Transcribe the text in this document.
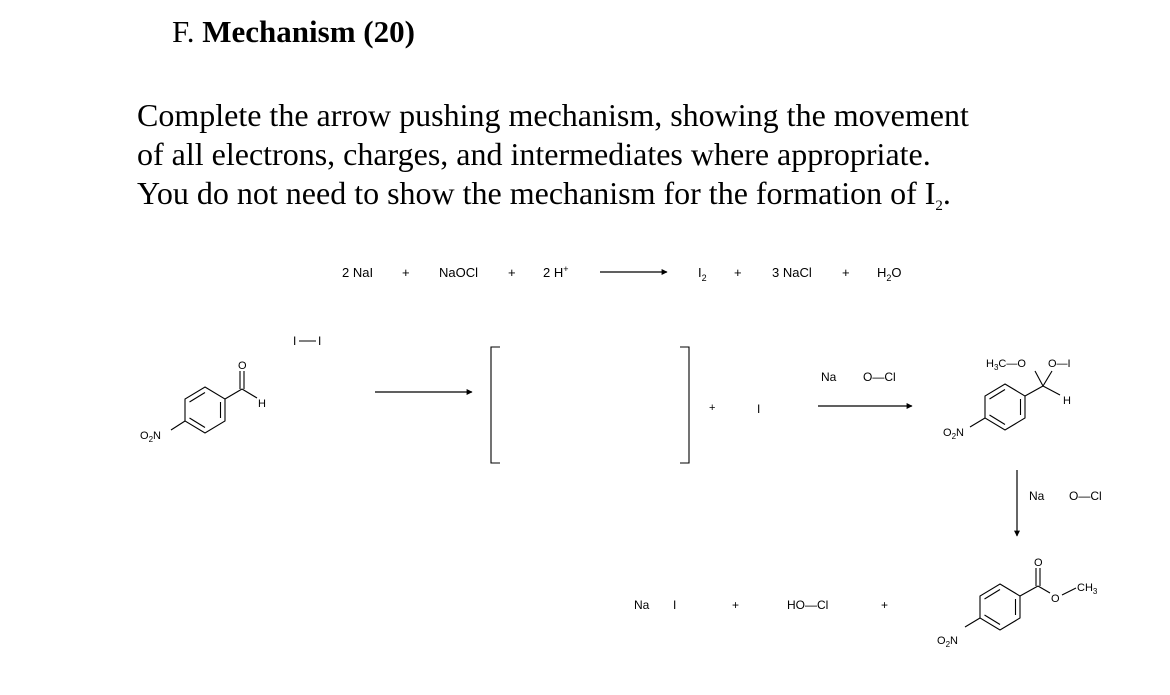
F. Mechanism (20)
Complete the arrow pushing mechanism, showing the movement
of all electrons, charges, and intermediates where appropriate.
You do not need to show the mechanism for the formation of $I_2$.
2 NaI + NaOCl + 2 H+	$I_2 + 3$ NaCl + $H_2O$
I I
O
H
$O_2N$
+	I
Na O—Cl
$H_3C—O$ O—I
H
$O_2N$
Na O—Cl
O
O
$CH_3$
$O_2N$
Na I	+	HO—Cl	+
